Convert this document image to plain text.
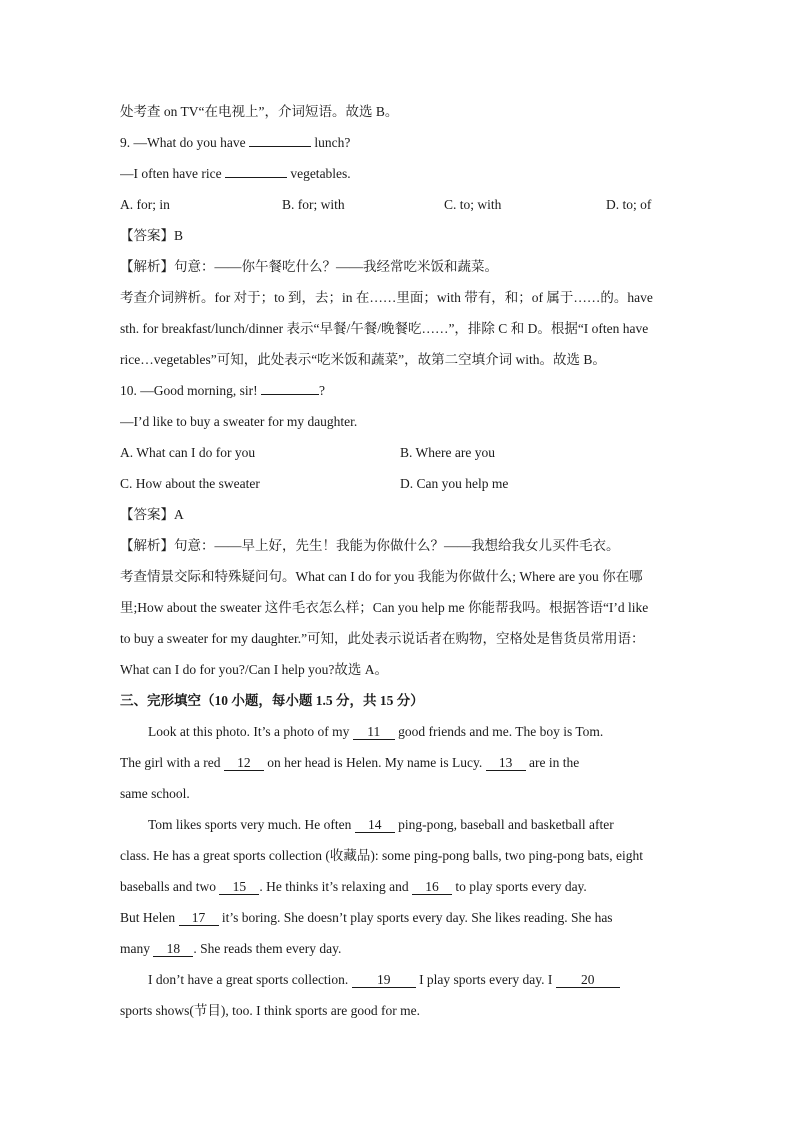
处考查 on TV“在电视上”，介词短语。故选 B。
9. —What do you have	lunch?
—I often have rice	vegetables.
A. for; in	B. for; with	C. to; with	D. to; of
【答案】B
【解析】句意：——你午餐吃什么？——我经常吃米饭和蔬菜。
考查介词辨析。for 对于；to 到，去；in 在……里面；with 带有，和；of 属于……的。have
sth. for breakfast/lunch/dinner 表示“早餐/午餐/晚餐吃……”，排除 C 和 D。根据“I often have
rice…vegetables”可知，此处表示“吃米饭和蔬菜”，故第二空填介词 with。故选 B。
10. —Good morning, sir!	?
—I’d like to buy a sweater for my daughter.
A. What can I do for you	B. Where are you
C. How about the sweater	D. Can you help me
【答案】A
【解析】句意：——早上好，先生！我能为你做什么？——我想给我女儿买件毛衣。
考查情景交际和特殊疑问句。What can I do for you 我能为你做什么; Where are you 你在哪
里;How about the sweater 这件毛衣怎么样；Can you help me 你能帮我吗。根据答语“I’d like
to buy a sweater for my daughter.”可知，此处表示说话者在购物，空格处是售货员常用语：
What can I do for you?/Can I help you?故选 A。
三、完形填空（10 小题，每小题 1.5 分，共 15 分）
Look at this photo. It’s a photo of my 11 good friends and me. The boy is Tom.
The girl with a red 12 on her head is Helen. My name is Lucy. 13 are in the
same school.
Tom likes sports very much. He often 14 ping-pong, baseball and basketball after
class. He has a great sports collection (收藏品): some ping-pong balls, two ping-pong bats, eight
baseballs and two 15 . He thinks it’s relaxing and 16 to play sports every day.
But Helen 17 it’s boring. She doesn’t play sports every day. She likes reading. She has
many 18 . She reads them every day.
I don’t have a great sports collection. 19 I play sports every day. I 20
sports shows(节目), too. I think sports are good for me.
